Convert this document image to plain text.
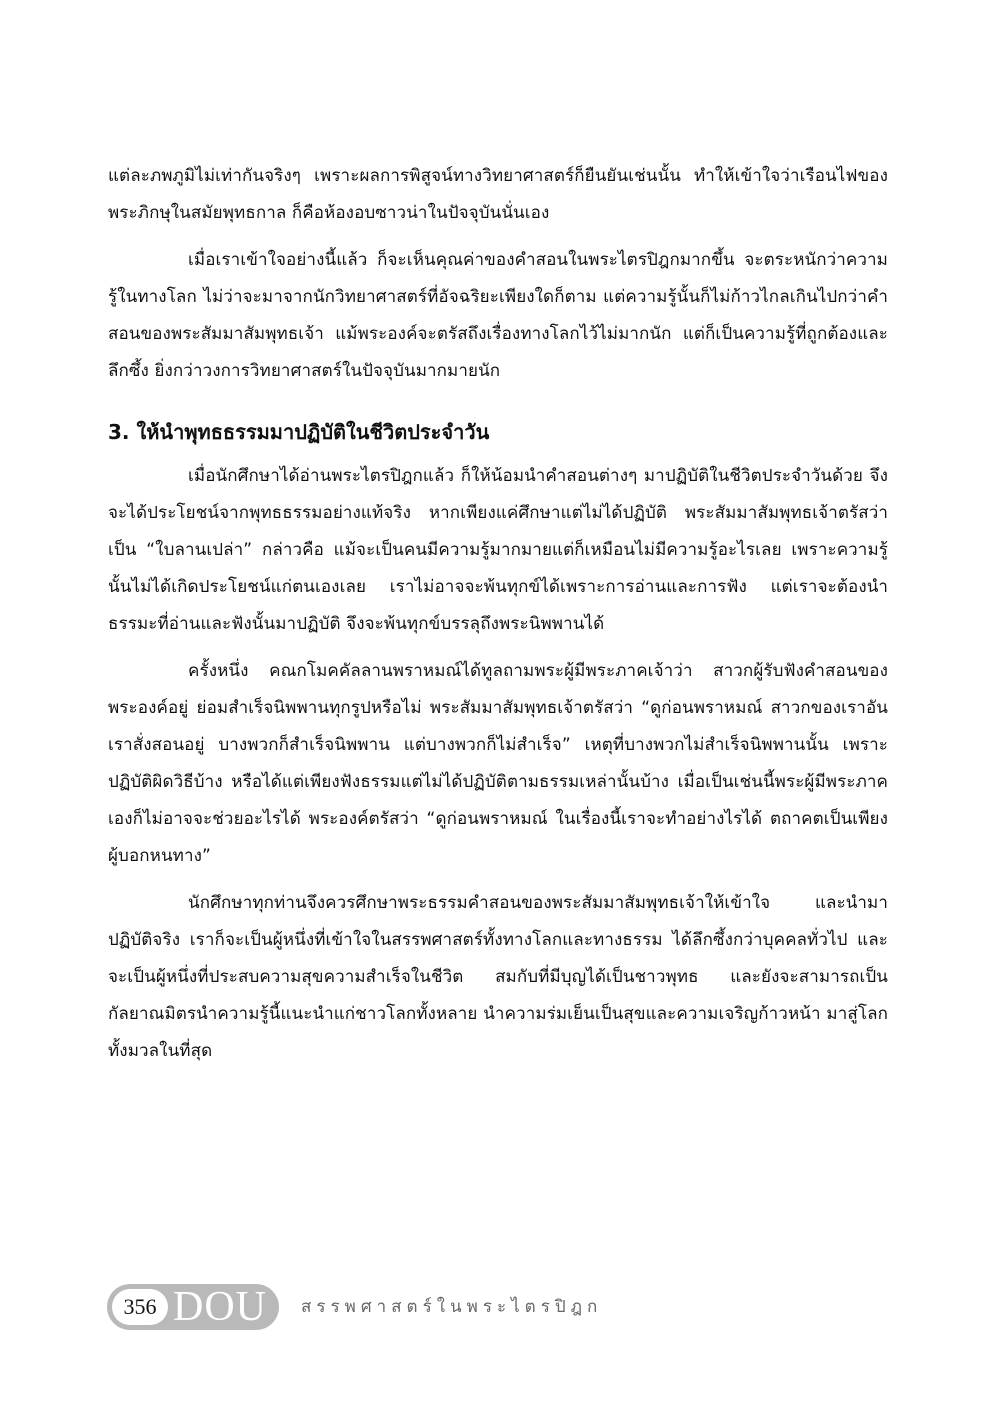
แต่ละภพภูมิไม่เท่ากันจริงๆ เพราะผลการพิสูจน์ทางวิทยาศาสตร์ก็ยืนยันเช่นนั้น ทำให้เข้าใจว่าเรือนไฟของพระภิกษุในสมัยพุทธกาล ก็คือห้องอบซาวน่าในปัจจุบันนั่นเอง

เมื่อเราเข้าใจอย่างนี้แล้ว ก็จะเห็นคุณค่าของคำสอนในพระไตรปิฎกมากขึ้น จะตระหนักว่าความรู้ในทางโลก ไม่ว่าจะมาจากนักวิทยาศาสตร์ที่อัจฉริยะเพียงใดก็ตาม แต่ความรู้นั้นก็ไม่ก้าวไกลเกินไปกว่าคำสอนของพระสัมมาสัมพุทธเจ้า แม้พระองค์จะตรัสถึงเรื่องทางโลกไว้ไม่มากนัก แต่ก็เป็นความรู้ที่ถูกต้องและลึกซึ้ง ยิ่งกว่าวงการวิทยาศาสตร์ในปัจจุบันมากมายนัก

3. ให้นำพุทธธรรมมาปฏิบัติในชีวิตประจำวัน

เมื่อนักศึกษาได้อ่านพระไตรปิฎกแล้ว ก็ให้น้อมนำคำสอนต่างๆ มาปฏิบัติในชีวิตประจำวันด้วย จึงจะได้ประโยชน์จากพุทธธรรมอย่างแท้จริง หากเพียงแค่ศึกษาแต่ไม่ได้ปฏิบัติ พระสัมมาสัมพุทธเจ้าตรัสว่าเป็น “ใบลานเปล่า” กล่าวคือ แม้จะเป็นคนมีความรู้มากมายแต่ก็เหมือนไม่มีความรู้อะไรเลย เพราะความรู้นั้นไม่ได้เกิดประโยชน์แก่ตนเองเลย เราไม่อาจจะพ้นทุกข์ได้เพราะการอ่านและการฟัง แต่เราจะต้องนำธรรมะที่อ่านและฟังนั้นมาปฏิบัติ จึงจะพ้นทุกข์บรรลุถึงพระนิพพานได้

ครั้งหนึ่ง คณกโมคคัลลานพราหมณ์ได้ทูลถามพระผู้มีพระภาคเจ้าว่า สาวกผู้รับฟังคำสอนของพระองค์อยู่ ย่อมสำเร็จนิพพานทุกรูปหรือไม่ พระสัมมาสัมพุทธเจ้าตรัสว่า “ดูก่อนพราหมณ์ สาวกของเราอันเราสั่งสอนอยู่ บางพวกก็สำเร็จนิพพาน แต่บางพวกก็ไม่สำเร็จ” เหตุที่บางพวกไม่สำเร็จนิพพานนั้น เพราะปฏิบัติผิดวิธีบ้าง หรือได้แต่เพียงฟังธรรมแต่ไม่ได้ปฏิบัติตามธรรมเหล่านั้นบ้าง เมื่อเป็นเช่นนี้พระผู้มีพระภาคเองก็ไม่อาจจะช่วยอะไรได้ พระองค์ตรัสว่า “ดูก่อนพราหมณ์ ในเรื่องนี้เราจะทำอย่างไรได้ ตถาคตเป็นเพียงผู้บอกหนทาง”

นักศึกษาทุกท่านจึงควรศึกษาพระธรรมคำสอนของพระสัมมาสัมพุทธเจ้าให้เข้าใจ และนำมาปฏิบัติจริง เราก็จะเป็นผู้หนึ่งที่เข้าใจในสรรพศาสตร์ทั้งทางโลกและทางธรรม ได้ลึกซึ้งกว่าบุคคลทั่วไป และจะเป็นผู้หนึ่งที่ประสบความสุขความสำเร็จในชีวิต สมกับที่มีบุญได้เป็นชาวพุทธ และยังจะสามารถเป็นกัลยาณมิตรนำความรู้นี้แนะนำแก่ชาวโลกทั้งหลาย นำความร่มเย็นเป็นสุขและความเจริญก้าวหน้า มาสู่โลกทั้งมวลในที่สุด

356 DOU สรรพศาสตร์ในพระไตรปิฎก
